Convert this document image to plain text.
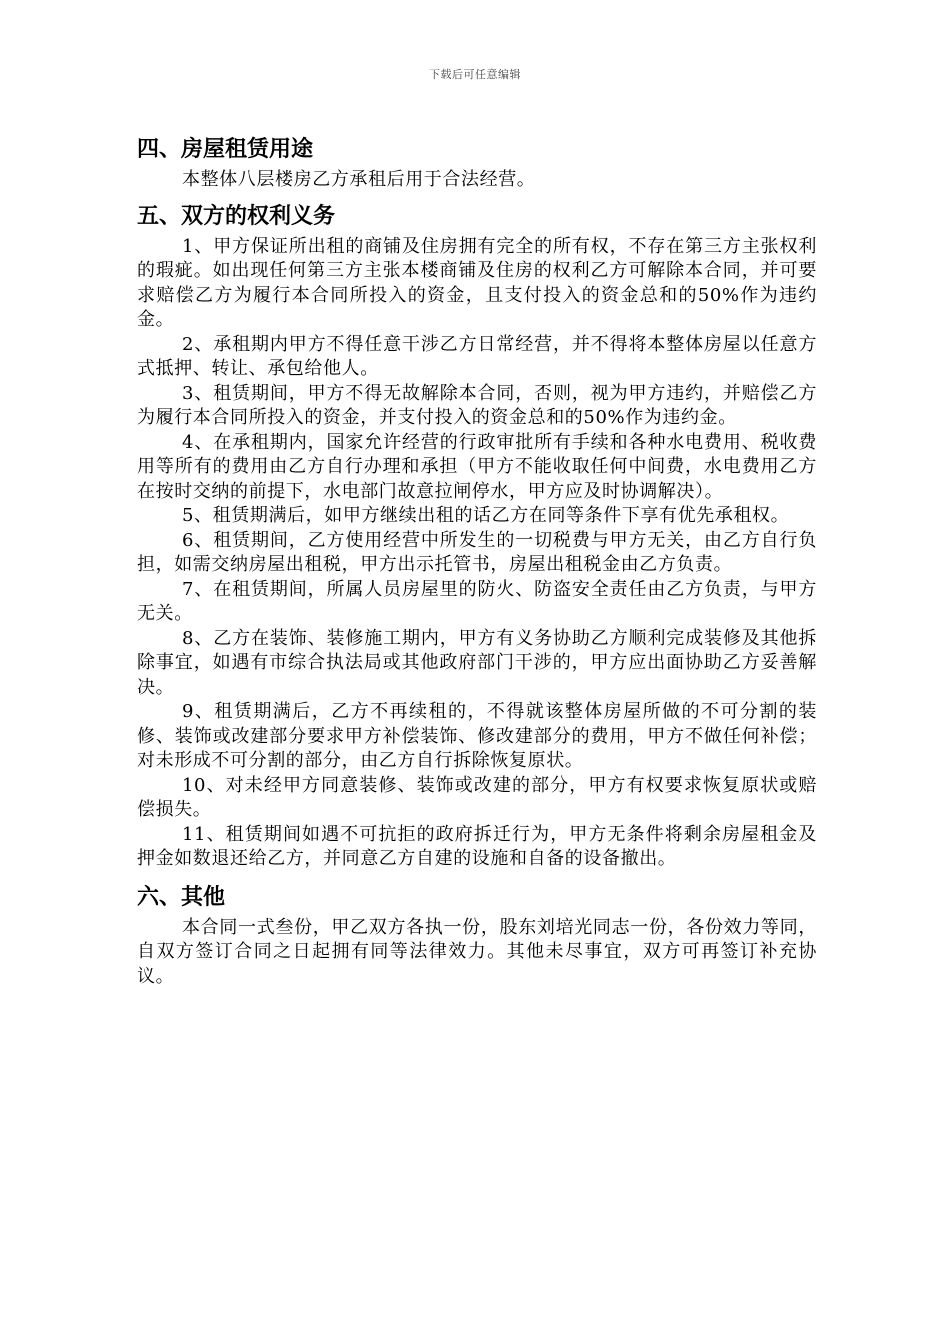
下载后可任意编辑
四、房屋租赁用途

本整体八层楼房乙方承租后用于合法经营。

五、双方的权利义务

1、甲方保证所出租的商铺及住房拥有完全的所有权，不存在第三方主张权利的瑕疵。如出现任何第三方主张本楼商铺及住房的权利乙方可解除本合同，并可要求赔偿乙方为履行本合同所投入的资金，且支付投入的资金总和的50%作为违约金。

2、承租期内甲方不得任意干涉乙方日常经营，并不得将本整体房屋以任意方式抵押、转让、承包给他人。

3、租赁期间，甲方不得无故解除本合同，否则，视为甲方违约，并赔偿乙方为履行本合同所投入的资金，并支付投入的资金总和的50%作为违约金。

4、在承租期内，国家允许经营的行政审批所有手续和各种水电费用、税收费用等所有的费用由乙方自行办理和承担（甲方不能收取任何中间费，水电费用乙方在按时交纳的前提下，水电部门故意拉闸停水，甲方应及时协调解决）。

5、租赁期满后，如甲方继续出租的话乙方在同等条件下享有优先承租权。

6、租赁期间，乙方使用经营中所发生的一切税费与甲方无关，由乙方自行负担，如需交纳房屋出租税，甲方出示托管书，房屋出租税金由乙方负责。

7、在租赁期间，所属人员房屋里的防火、防盗安全责任由乙方负责，与甲方无关。

8、乙方在装饰、装修施工期内，甲方有义务协助乙方顺利完成装修及其他拆除事宜，如遇有市综合执法局或其他政府部门干涉的，甲方应出面协助乙方妥善解决。

9、租赁期满后，乙方不再续租的，不得就该整体房屋所做的不可分割的装修、装饰或改建部分要求甲方补偿装饰、修改建部分的费用，甲方不做任何补偿；对未形成不可分割的部分，由乙方自行拆除恢复原状。

10、对未经甲方同意装修、装饰或改建的部分，甲方有权要求恢复原状或赔偿损失。

11、租赁期间如遇不可抗拒的政府拆迁行为，甲方无条件将剩余房屋租金及押金如数退还给乙方，并同意乙方自建的设施和自备的设备撤出。

六、其他

本合同一式叁份，甲乙双方各执一份，股东刘培光同志一份，各份效力等同，自双方签订合同之日起拥有同等法律效力。其他未尽事宜，双方可再签订补充协议。
